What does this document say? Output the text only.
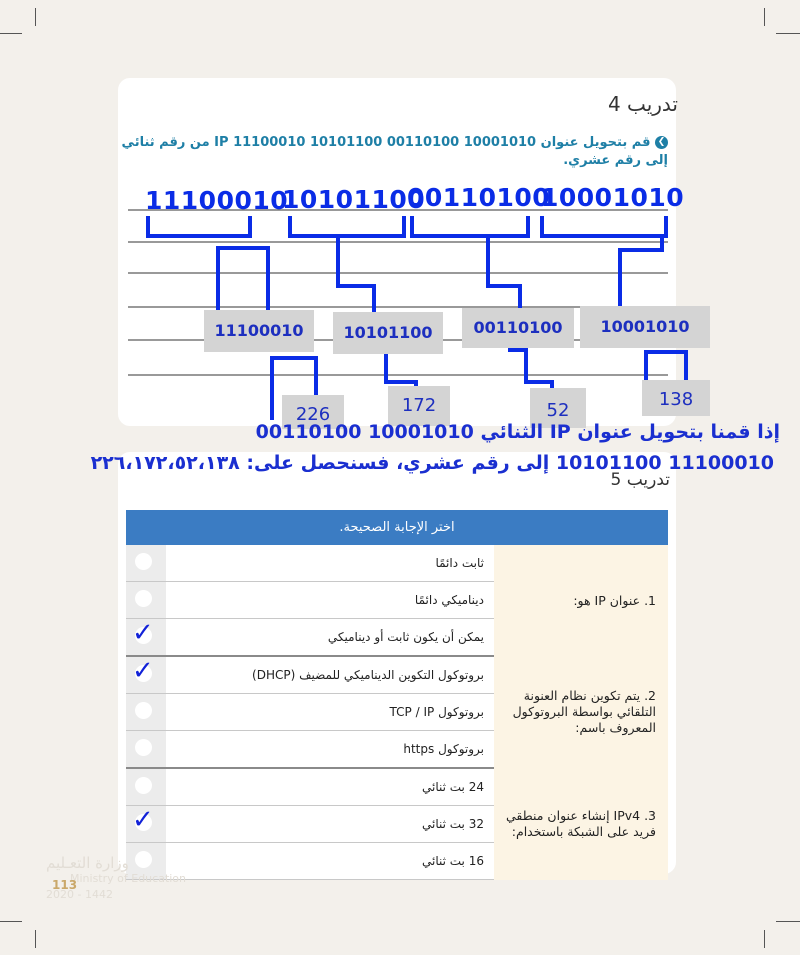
تدريب 4
❯ قم بتحويل عنوان IP 11100010 10101100 00110100 10001010 من رقم ثنائي إلى رقم عشري.
11100010
10101100
00110100
10001010
11100010	10101100	00110100	10001010
226	172	52
138
إذا قمنا بتحويل عنوان IP الثنائي 10001010 00110100
11100010 10101100 إلى رقم عشري، فسنحصل على: ٢٢٦،١٧٢،٥٢،١٣٨
تدريب 5
اختر الإجابة الصحيحة.		
1. عنوان IP هو:	ثابت دائمًا	

	ديناميكي دائمًا	

	يمكن أن يكون ثابت أو ديناميكي	✓

2. يتم تكوين نظام العنونة التلقائي بواسطة البروتوكول المعروف باسم:	بروتوكول التكوين الديناميكي للمضيف (DHCP)	✓

	بروتوكول TCP / IP	

	بروتوكول https	

3. IPv4 إنشاء عنوان منطقي فريد على الشبكة باستخدام:	24 بت ثنائي	

	32 بت ثنائي	✓

	16 بت ثنائي	
وزارة التعـليم
Ministry of Education
2020 - 1442
113
